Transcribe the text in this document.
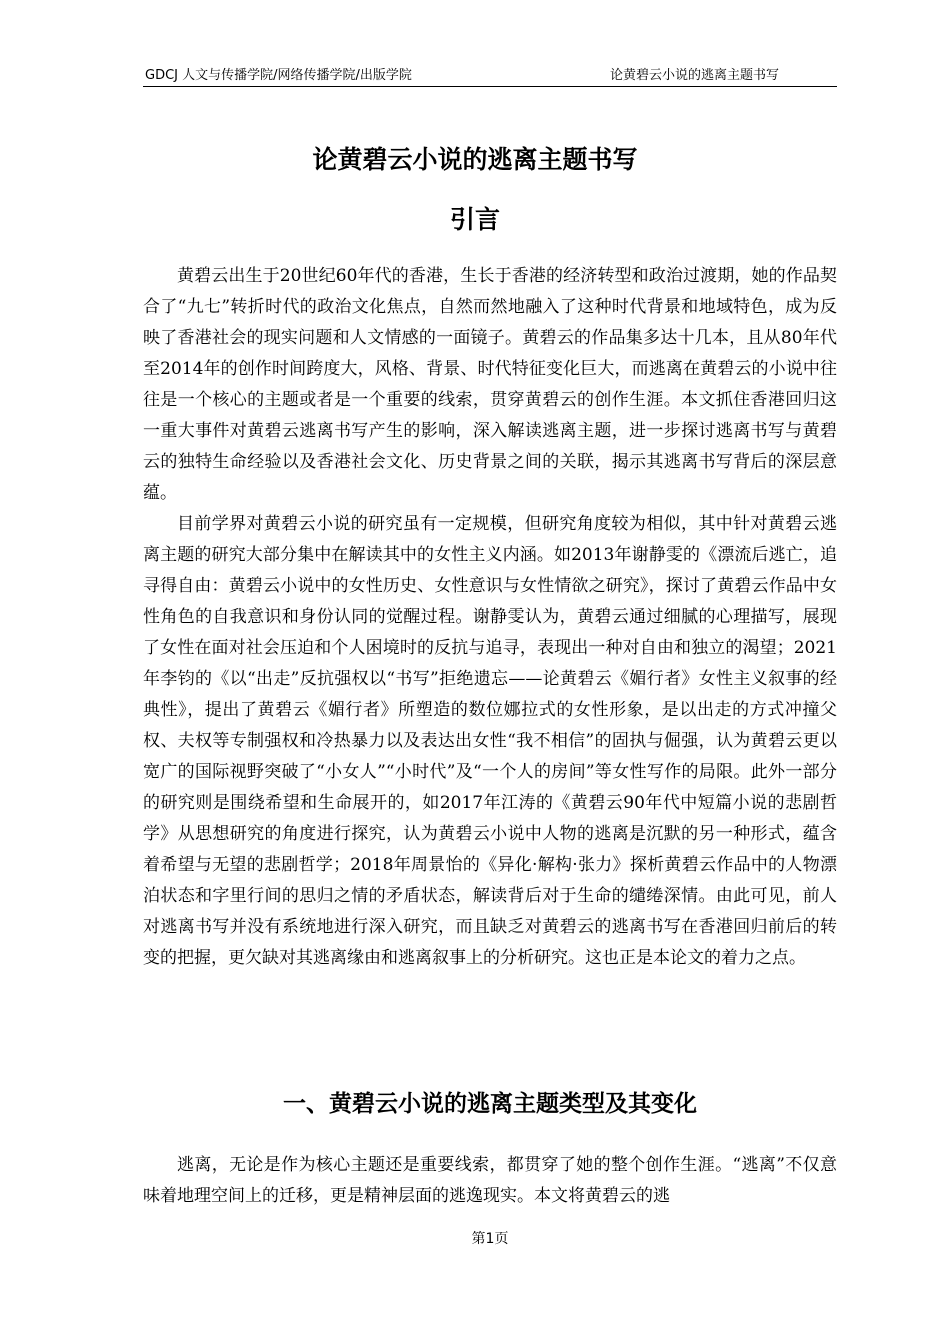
GDCJ 人文与传播学院/网络传播学院/出版学院	论黄碧云小说的逃离主题书写
论黄碧云小说的逃离主题书写
引言

黄碧云出生于20世纪60年代的香港，生长于香港的经济转型和政治过渡期，她的作品契合了“九七”转折时代的政治文化焦点，自然而然地融入了这种时代背景和地域特色，成为反映了香港社会的现实问题和人文情感的一面镜子。黄碧云的作品集多达十几本，且从80年代至2014年的创作时间跨度大，风格、背景、时代特征变化巨大，而逃离在黄碧云的小说中往往是一个核心的主题或者是一个重要的线索，贯穿黄碧云的创作生涯。本文抓住香港回归这一重大事件对黄碧云逃离书写产生的影响，深入解读逃离主题，进一步探讨逃离书写与黄碧云的独特生命经验以及香港社会文化、历史背景之间的关联，揭示其逃离书写背后的深层意蕴。

目前学界对黄碧云小说的研究虽有一定规模，但研究角度较为相似，其中针对黄碧云逃离主题的研究大部分集中在解读其中的女性主义内涵。如2013年谢静雯的《漂流后逃亡，追寻得自由：黄碧云小说中的女性历史、女性意识与女性情欲之研究》，探讨了黄碧云作品中女性角色的自我意识和身份认同的觉醒过程。谢静雯认为，黄碧云通过细腻的心理描写，展现了女性在面对社会压迫和个人困境时的反抗与追寻，表现出一种对自由和独立的渴望；2021年李钧的《以“出走”反抗强权以“书写”拒绝遗忘——论黄碧云《媚行者》女性主义叙事的经典性》，提出了黄碧云《媚行者》所塑造的数位娜拉式的女性形象，是以出走的方式冲撞父权、夫权等专制强权和冷热暴力以及表达出女性“我不相信”的固执与倔强，认为黄碧云更以宽广的国际视野突破了“小女人”“小时代”及“一个人的房间”等女性写作的局限。此外一部分的研究则是围绕希望和生命展开的，如2017年江涛的《黄碧云90年代中短篇小说的悲剧哲学》从思想研究的角度进行探究，认为黄碧云小说中人物的逃离是沉默的另一种形式，蕴含着希望与无望的悲剧哲学；2018年周景怡的《异化·解构·张力》探析黄碧云作品中的人物漂泊状态和字里行间的思归之情的矛盾状态，解读背后对于生命的缱绻深情。由此可见，前人对逃离书写并没有系统地进行深入研究，而且缺乏对黄碧云的逃离书写在香港回归前后的转变的把握，更欠缺对其逃离缘由和逃离叙事上的分析研究。这也正是本论文的着力之点。

一、黄碧云小说的逃离主题类型及其变化

逃离，无论是作为核心主题还是重要线索，都贯穿了她的整个创作生涯。“逃离”不仅意味着地理空间上的迁移，更是精神层面的逃逸现实。本文将黄碧云的逃

第1页
